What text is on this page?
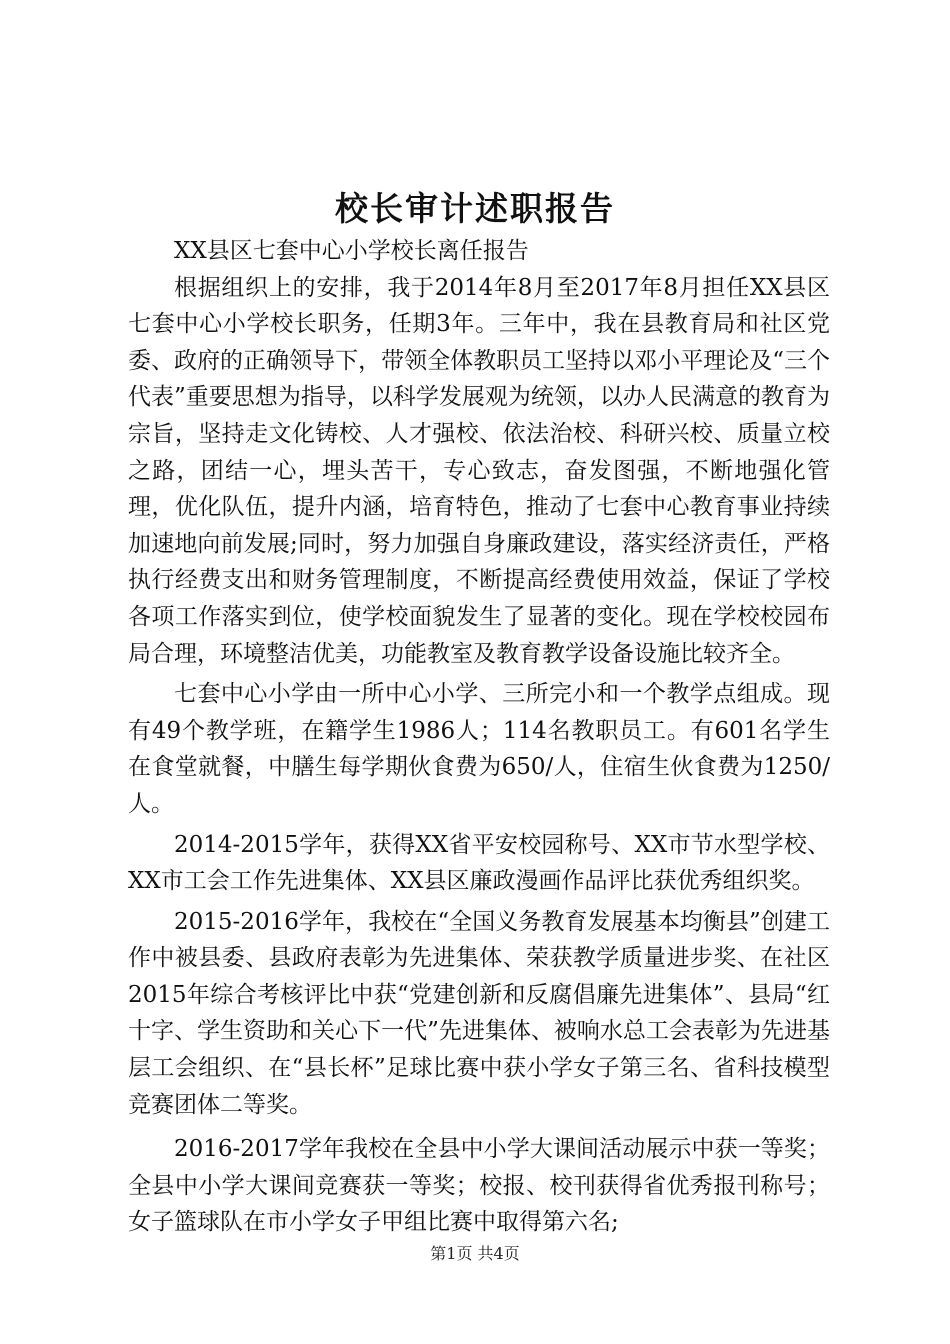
校长审计述职报告

XX县区七套中心小学校长离任报告

根据组织上的安排，我于2014年8月至2017年8月担任XX县区七套中心小学校长职务，任期3年。三年中，我在县教育局和社区党委、政府的正确领导下，带领全体教职员工坚持以邓小平理论及“三个代表”重要思想为指导，以科学发展观为统领，以办人民满意的教育为宗旨，坚持走文化铸校、人才强校、依法治校、科研兴校、质量立校之路，团结一心，埋头苦干，专心致志，奋发图强，不断地强化管理，优化队伍，提升内涵，培育特色，推动了七套中心教育事业持续加速地向前发展;同时，努力加强自身廉政建设，落实经济责任，严格执行经费支出和财务管理制度，不断提高经费使用效益，保证了学校各项工作落实到位，使学校面貌发生了显著的变化。现在学校校园布局合理，环境整洁优美，功能教室及教育教学设备设施比较齐全。

七套中心小学由一所中心小学、三所完小和一个教学点组成。现有49个教学班，在籍学生1986人；114名教职员工。有601名学生在食堂就餐，中膳生每学期伙食费为650/人，住宿生伙食费为1250/人。

2014-2015学年，获得XX省平安校园称号、XX市节水型学校、XX市工会工作先进集体、XX县区廉政漫画作品评比获优秀组织奖。

2015-2016学年，我校在“全国义务教育发展基本均衡县”创建工作中被县委、县政府表彰为先进集体、荣获教学质量进步奖、在社区2015年综合考核评比中获“党建创新和反腐倡廉先进集体”、县局“红十字、学生资助和关心下一代”先进集体、被响水总工会表彰为先进基层工会组织、在“县长杯”足球比赛中获小学女子第三名、省科技模型竞赛团体二等奖。

2016-2017学年我校在全县中小学大课间活动展示中获一等奖；全县中小学大课间竞赛获一等奖；校报、校刊获得省优秀报刊称号；女子篮球队在市小学女子甲组比赛中取得第六名;

第1页 共4页
